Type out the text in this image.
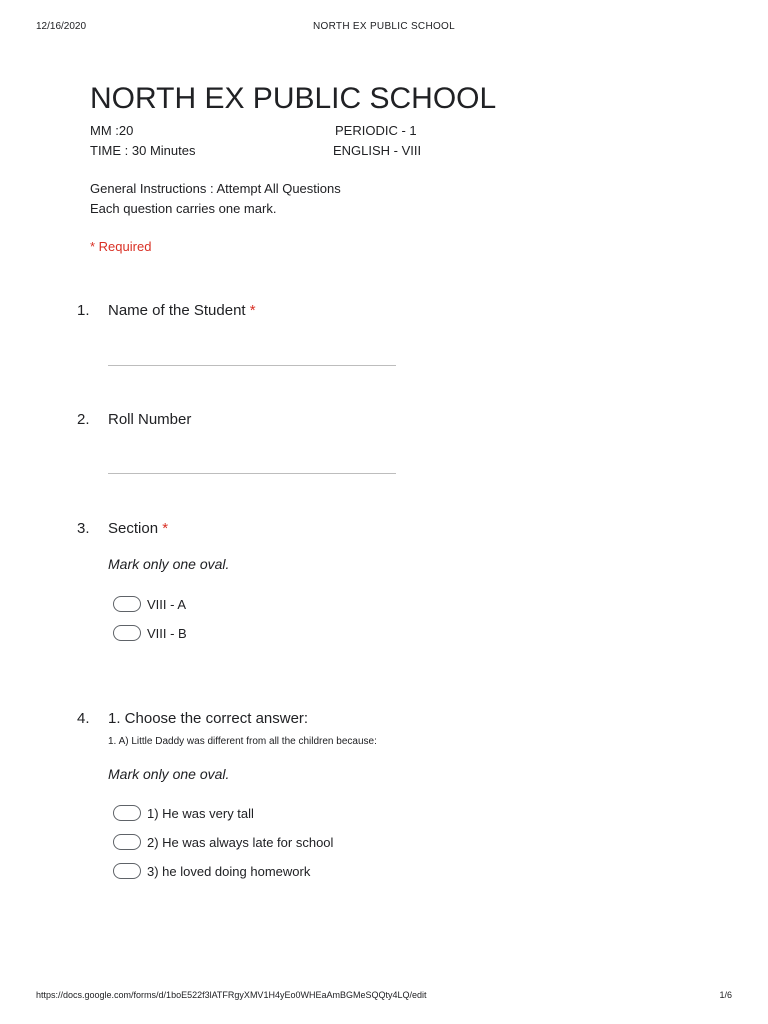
12/16/2020	NORTH EX PUBLIC SCHOOL
NORTH EX PUBLIC SCHOOL
MM :20	PERIODIC - 1
TIME : 30 Minutes	ENGLISH - VIII
General Instructions : Attempt All Questions
Each question carries one mark.
* Required
1. Name of the Student *
2. Roll Number
3. Section *
Mark only one oval.
VIII - A
VIII - B
4. 1. Choose the correct answer:
1. A) Little Daddy was different from all the children because:
Mark only one oval.
1) He was very tall
2) He was always late for school
3) he loved doing homework
https://docs.google.com/forms/d/1boE522f3lATFRgyXMV1H4yEo0WHEaAmBGMeSQQty4LQ/edit	1/6
